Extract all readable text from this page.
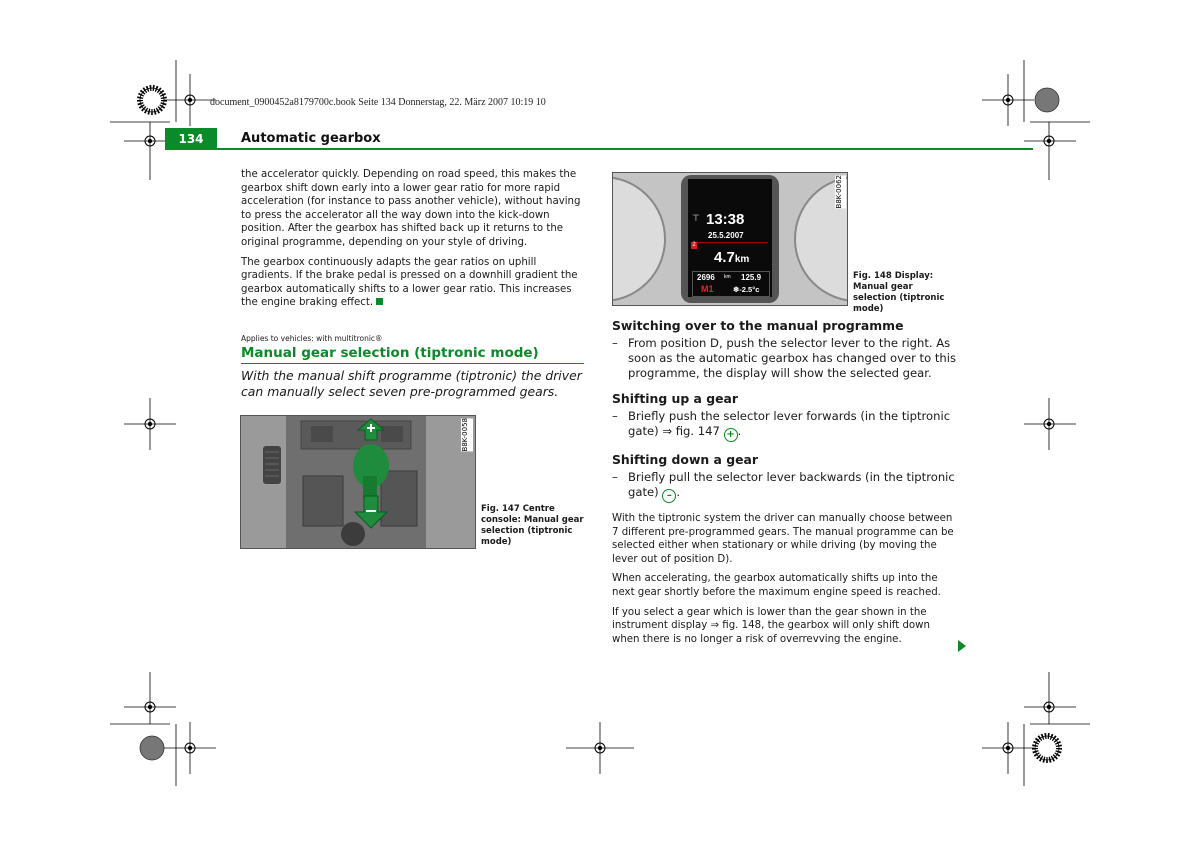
document_0900452a8179700c.book Seite 134 Donnerstag, 22. März 2007 10:19 10
134	Automatic gearbox

the accelerator quickly. Depending on road speed, this makes the gearbox shift down early into a lower gear ratio for more rapid acceleration (for instance to pass another vehicle), without having to press the accelerator all the way down into the kick-down position. After the gearbox has shifted back up it returns to the original programme, depending on your style of driving.

The gearbox continuously adapts the gear ratios on uphill gradients. If the brake pedal is pressed on a downhill gradient the gearbox automatically shifts to a lower gear ratio. This increases the engine braking effect.

Applies to vehicles: with multitronic®
Manual gear selection (tiptronic mode)
With the manual shift programme (tiptronic) the driver can manually select seven pre-programmed gears.
B8K-0058
Fig. 147 Centre console: Manual gear selection (tiptronic mode)
⊤ 13:38
25.5.2007
2
4.7km
2696 km 125.9
M1	❄-2.5°c
B8K-0062
Fig. 148 Display: Manual gear selection (tiptronic mode)
Switching over to the manual programme
– From position D, push the selector lever to the right. As soon as the automatic gearbox has changed over to this programme, the display will show the selected gear.
Shifting up a gear
– Briefly push the selector lever forwards (in the tiptronic gate) ⇒ fig. 147 + .
Shifting down a gear
– Briefly pull the selector lever backwards (in the tiptronic gate) – .

With the tiptronic system the driver can manually choose between 7 different pre-programmed gears. The manual programme can be selected either when stationary or while driving (by moving the lever out of position D).

When accelerating, the gearbox automatically shifts up into the next gear shortly before the maximum engine speed is reached.

If you select a gear which is lower than the gear shown in the instrument display ⇒ fig. 148, the gearbox will only shift down when there is no longer a risk of overrevving the engine.
